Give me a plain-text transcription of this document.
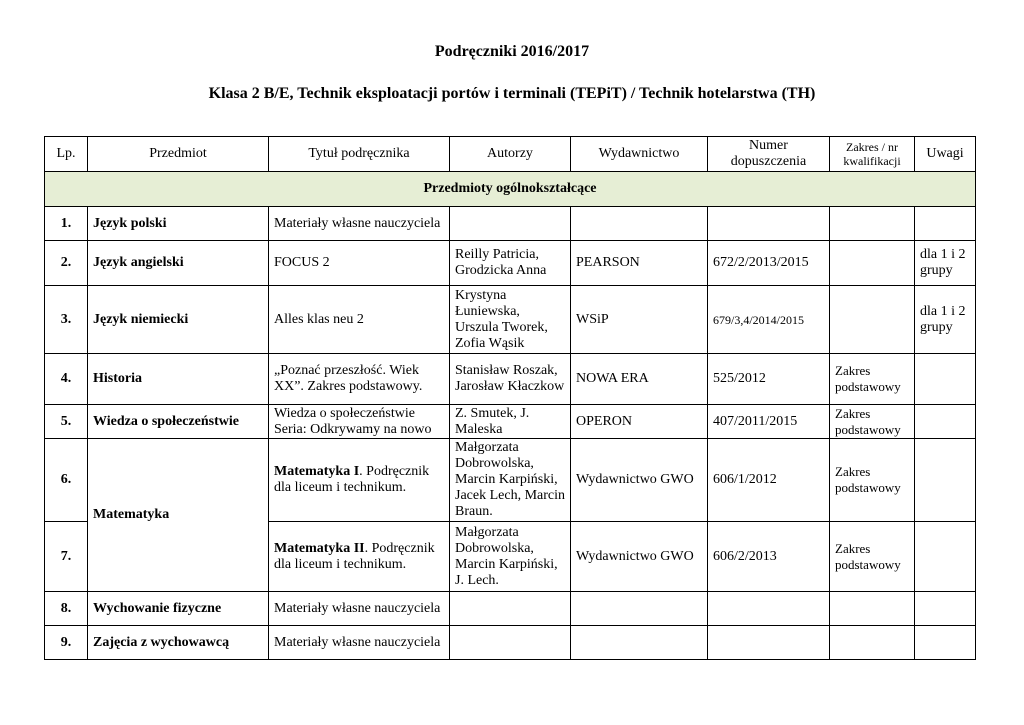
Podręczniki 2016/2017
Klasa 2 B/E, Technik eksploatacji portów i terminali (TEPiT) / Technik hotelarstwa (TH)
Lp.	Przedmiot	Tytuł podręcznika	Autorzy	Wydawnictwo	Numer dopuszczenia	Zakres / nr kwalifikacji	Uwagi
Przedmioty ogólnokształcące							
1.	Język polski	Materiały własne nauczyciela					
2.	Język angielski	FOCUS 2	Reilly Patricia, Grodzicka Anna	PEARSON	672/2/2013/2015		dla 1 i 2 grupy
3.	Język niemiecki	Alles klas neu 2	Krystyna Łuniewska, Urszula Tworek, Zofia Wąsik	WSiP	679/3,4/2014/2015		dla 1 i 2 grupy
4.	Historia	„Poznać przeszłość. Wiek XX”. Zakres podstawowy.	Stanisław Roszak, Jarosław Kłaczkow	NOWA ERA	525/2012	Zakres podstawowy	
5.	Wiedza o społeczeństwie	Wiedza o społeczeństwie Seria: Odkrywamy na nowo	Z. Smutek, J. Maleska	OPERON	407/2011/2015	Zakres podstawowy	
6.	Matematyka	Matematyka I. Podręcznik dla liceum i technikum.	Małgorzata Dobrowolska, Marcin Karpiński, Jacek Lech, Marcin Braun.	Wydawnictwo GWO	606/1/2012	Zakres podstawowy	
7.		Matematyka II. Podręcznik dla liceum i technikum.	Małgorzata Dobrowolska, Marcin Karpiński, J. Lech.	Wydawnictwo GWO	606/2/2013	Zakres podstawowy	
8.	Wychowanie fizyczne	Materiały własne nauczyciela					
9.	Zajęcia z wychowawcą	Materiały własne nauczyciela					
